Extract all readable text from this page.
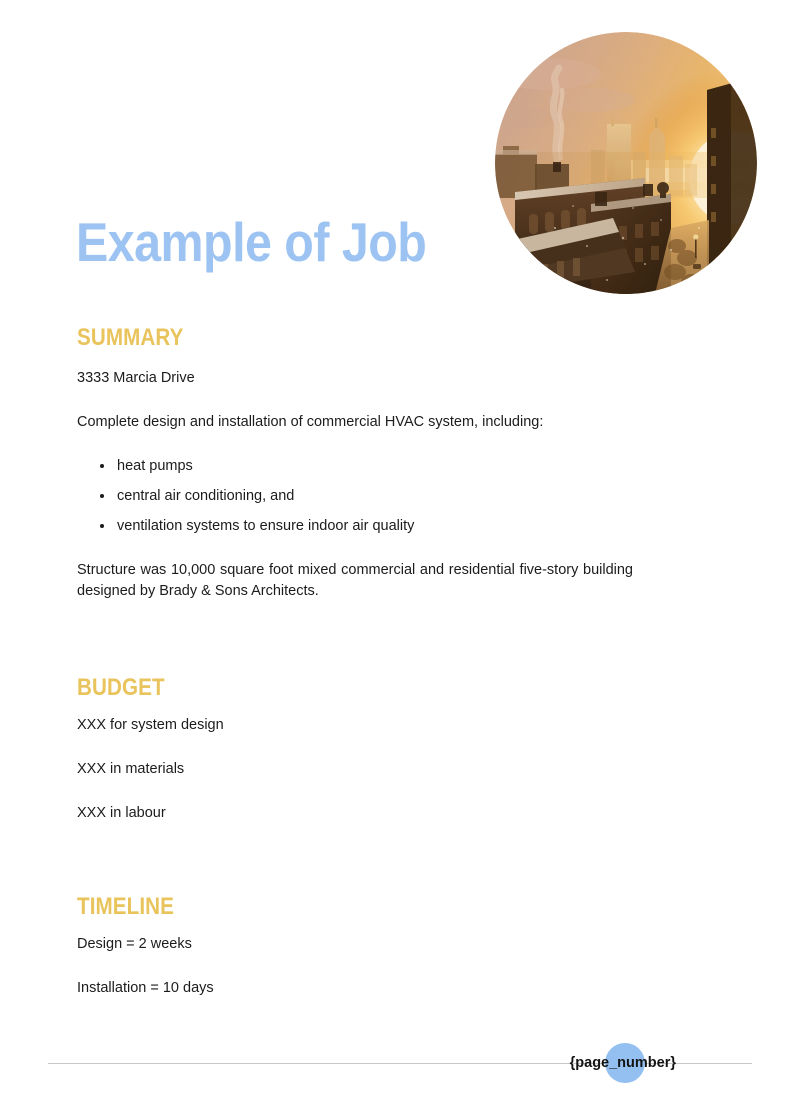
Example of Job
SUMMARY

3333 Marcia Drive

Complete design and installation of commercial HVAC system, including:

heat pumps
central air conditioning, and
ventilation systems to ensure indoor air quality

Structure was 10,000 square foot mixed commercial and residential five-story building designed by Brady & Sons Architects.

BUDGET

XXX for system design

XXX in materials

XXX in labour

TIMELINE

Design = 2 weeks

Installation = 10 days

{page_number}
